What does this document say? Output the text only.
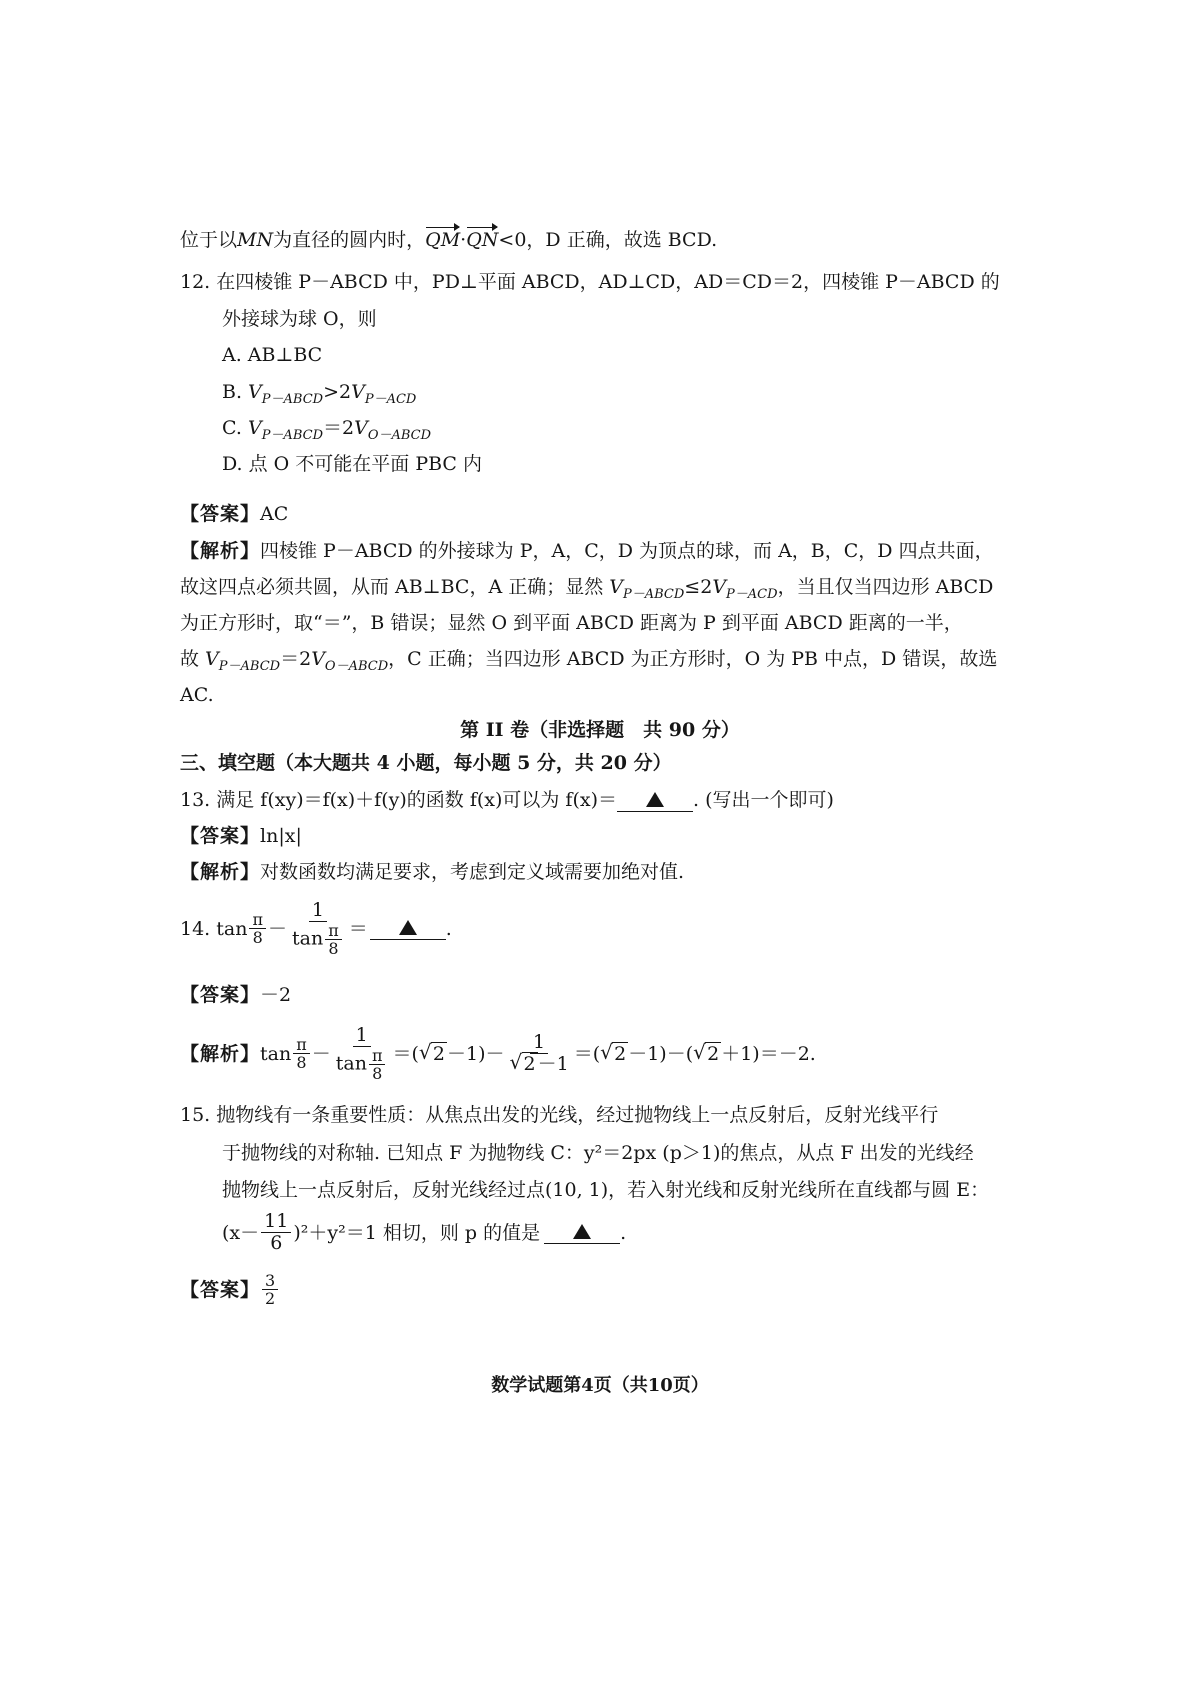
位于以MN为直径的圆内时，QM·QN<0，D 正确，故选 BCD.
12. 在四棱锥 P－ABCD 中，PD⊥平面 ABCD，AD⊥CD，AD＝CD＝2，四棱锥 P－ABCD 的
外接球为球 O，则
A. AB⊥BC
B. $V_{P-ABCD}>2V_{P-ACD}$
C. $V_{P-ABCD}=2V_{O-ABCD}$
D. 点 O 不可能在平面 PBC 内
【答案】AC
【解析】四棱锥 P－ABCD 的外接球为 P，A，C，D 为顶点的球，而 A，B，C，D 四点共面，
故这四点必须共圆，从而 AB⊥BC，A 正确；显然 $V_{P-ABCD}\le 2V_{P-ACD}$，当且仅当四边形 ABCD
为正方形时，取“＝”，B 错误；显然 O 到平面 ABCD 距离为 P 到平面 ABCD 距离的一半，
故 $V_{P-ABCD}=2V_{O-ABCD}$，C 正确；当四边形 ABCD 为正方形时，O 为 PB 中点，D 错误，故选
AC.
第 II 卷（非选择题　共 90 分）
三、填空题（本大题共 4 小题，每小题 5 分，共 20 分）
13. 满足 f(xy)＝f(x)＋f(y)的函数 f(x)可以为 f(x)＝	. (写出一个即可)
【答案】ln|x|
【解析】对数函数均满足要求，考虑到定义域需要加绝对值.
14.
$\tan \frac{\pi}{8} - \frac{1}{\tan \frac{\pi}{8}}$ ＝	.
【答案】－2
【解析】 $\tan \frac{\pi}{8} - \frac{1}{\tan \frac{\pi}{8}}$ ＝( √ $2 -1)- \frac{1}{√ 2 -1}$ ＝( √ 2 －1)－( √ 2 ＋1)＝－2.
15. 抛物线有一条重要性质：从焦点出发的光线，经过抛物线上一点反射后，反射光线平行
于抛物线的对称轴. 已知点 F 为抛物线 C：y²＝2px (p＞1)的焦点，从点 F 出发的光线经
抛物线上一点反射后，反射光线经过点(10, 1)，若入射光线和反射光线所在直线都与圆 E：
$(x- \frac{11}{6} )^2+y^2=1$ 相切，则 p 的值是	.
【答案】 $\frac{3}{2}$
数学试题第4页（共10页）
